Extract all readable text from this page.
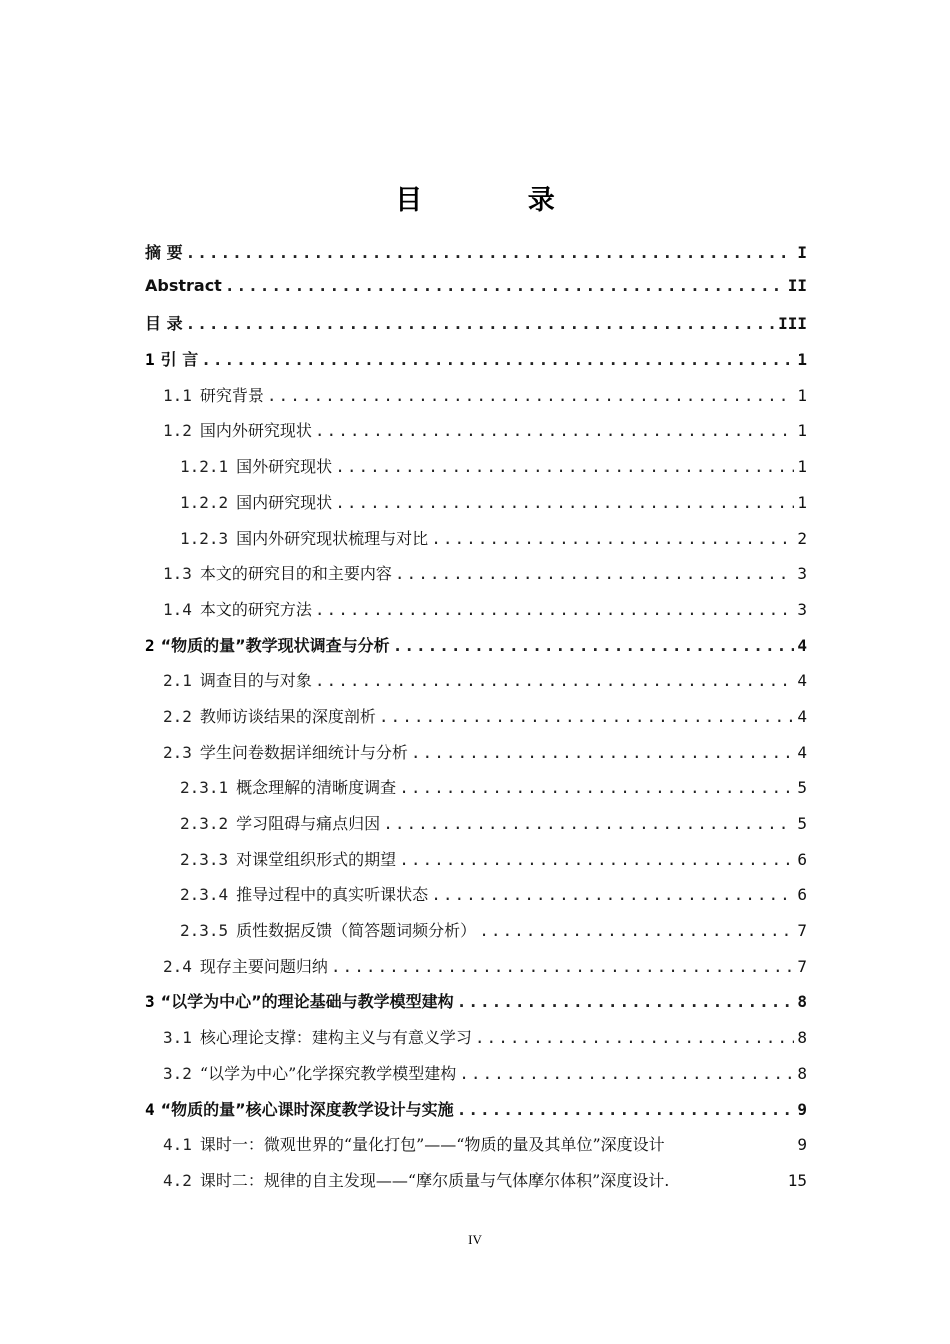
目 录
摘 要 .....	I
Abstract .....	II
目 录 .....	III
1 引 言 .....	1
1.1 研究背景 .....	1
1.2 国内外研究现状 .....	1
1.2.1 国外研究现状 .....	1
1.2.2 国内研究现状 .....	1
1.2.3 国内外研究现状梳理与对比 .....	2
1.3 本文的研究目的和主要内容 .....	3
1.4 本文的研究方法 .....	3
2 “物质的量”教学现状调查与分析 .....	4
2.1 调查目的与对象 .....	4
2.2 教师访谈结果的深度剖析 .....	4
2.3 学生问卷数据详细统计与分析 .....	4
2.3.1 概念理解的清晰度调查 .....	5
2.3.2 学习阻碍与痛点归因 .....	5
2.3.3 对课堂组织形式的期望 .....	6
2.3.4 推导过程中的真实听课状态 .....	6
2.3.5 质性数据反馈（简答题词频分析） .....	7
2.4 现存主要问题归纳 .....	7
3 “以学为中心”的理论基础与教学模型建构 .....	8
3.1 核心理论支撑：建构主义与有意义学习 .....	8
3.2 “以学为中心”化学探究教学模型建构 .....	8
4 “物质的量”核心课时深度教学设计与实施 .....	9
4.1 课时一：微观世界的“量化打包”——“物质的量及其单位”深度设计	9
4.2 课时二：规律的自主发现——“摩尔质量与气体摩尔体积”深度设计.	15
IV
